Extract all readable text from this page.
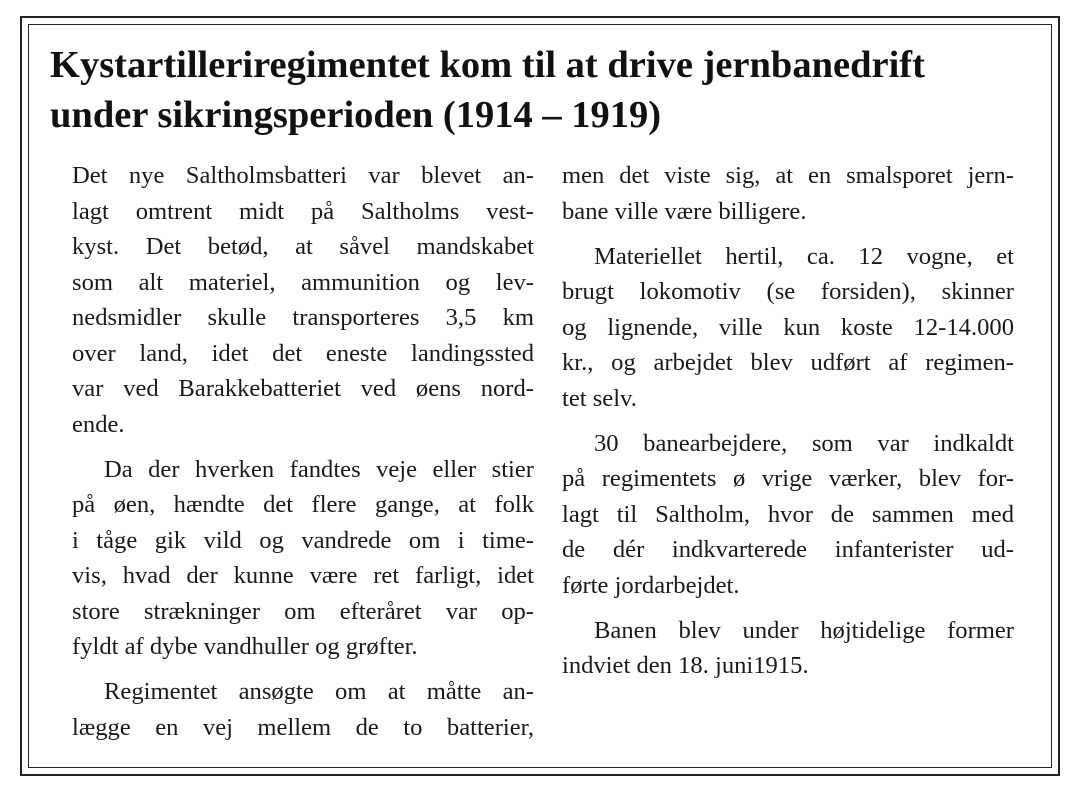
Kystartilleriregimentet kom til at drive jernbanedrift
under sikringsperioden (1914 – 1919)
Det nye Saltholmsbatteri var blevet an-
lagt omtrent midt på Saltholms vest-
kyst. Det betød, at såvel mandskabet
som alt materiel, ammunition og lev-
nedsmidler skulle transporteres 3,5 km
over land, idet det eneste landingssted
var ved Barakkebatteriet ved øens nord-
ende.
Da der hverken fandtes veje eller stier
på øen, hændte det flere gange, at folk
i tåge gik vild og vandrede om i time-
vis, hvad der kunne være ret farligt, idet
store strækninger om efteråret var op-
fyldt af dybe vandhuller og grøfter.
Regimentet ansøgte om at måtte an-
lægge en vej mellem de to batterier,
men det viste sig, at en smalsporet jern-
bane ville være billigere.
Materiellet hertil, ca. 12 vogne, et
brugt lokomotiv (se forsiden), skinner
og lignende, ville kun koste 12-14.000
kr., og arbejdet blev udført af regimen-
tet selv.
30 banearbejdere, som var indkaldt
på regimentets ø vrige værker, blev for-
lagt til Saltholm, hvor de sammen med
de dér indkvarterede infanterister ud-
førte jordarbejdet.
Banen blev under højtidelige former
indviet den 18. juni1915.
